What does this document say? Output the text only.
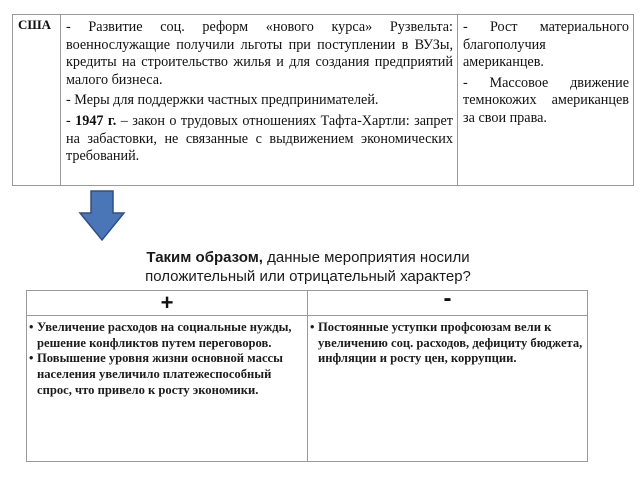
США - Развитие соц. реформ «нового курса» Рузвельта: военнослужащие получили льготы при поступлении в ВУЗы, кредиты на строительство жилья и для создания предприятий малого бизнеса.

- Меры для поддержки частных предпринимателей.

- 1947 г. – закон о трудовых отношениях Тафта-Хартли: запрет на забастовки, не связанные с выдвижением экономических требований.

- Рост материального благополучия американцев.

- Массовое движение темнокожих американцев за свои права.

Таким образом, данные мероприятия носили положительный или отрицательный характер?
+	-
• Увеличение расходов на социальные нужды, решение конфликтов путем переговоров.
• Повышение уровня жизни основной массы населения увеличило платежеспособный спрос, что привело к росту экономики.
• Постоянные уступки профсоюзам вели к увеличению соц. расходов, дефициту бюджета, инфляции и росту цен, коррупции.
